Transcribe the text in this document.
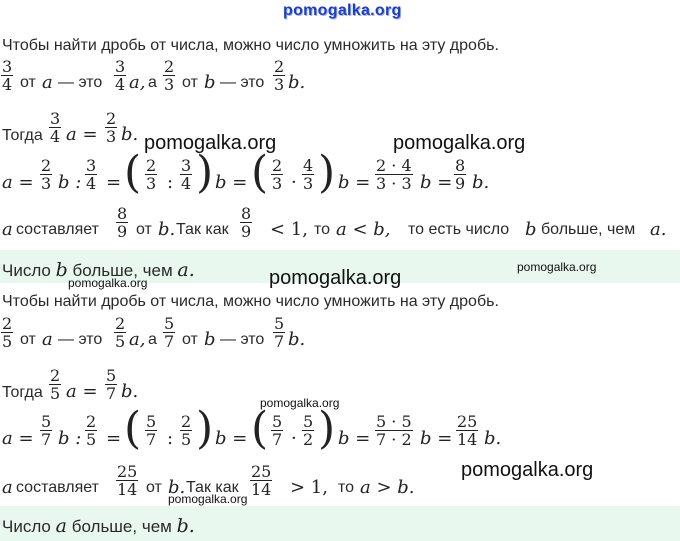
pomogalka.org
Чтобы найти дробь от числа, можно число умножить на эту дробь.
$\frac{3}{4}$ от a — это $\frac{3}{4} a$, а $\frac{2}{3}$ от b — это $\frac{2}{3} b$.
Тогда $\frac{3}{4}$ $a = \frac{2}{3} b$.
$a = \frac{2}{3}$ b : $\frac{3}{4}$ = ( $\frac{2}{3}$ : $\frac{3}{4}$ ) b = ( $\frac{2}{3} \cdot \frac{4}{3}$ ) $b = \frac{2 \cdot 4}{3 \cdot 3}$ $b = \frac{8}{9} b$.
a составляет $\frac{8}{9}$ от b. Так как $\frac{8}{9} < 1$, то a < b, то есть число b больше, чем a.
Число b больше, чем a.
Чтобы найти дробь от числа, можно число умножить на эту дробь.
$\frac{2}{5}$ от a — это $\frac{2}{5} a$, а $\frac{5}{7}$ от b — это $\frac{5}{7} b$.
Тогда $\frac{2}{5}$ $a = \frac{5}{7} b$.
$a = \frac{5}{7}$ b : $\frac{2}{5}$ = ( $\frac{5}{7}$ : $\frac{2}{5}$ ) b = ( $\frac{5}{7} \cdot \frac{5}{2}$ ) $b = \frac{5 \cdot 5}{7 \cdot 2}$ $b = \frac{25}{14} b$.
a составляет $\frac{25}{14}$ от b. Так как $\frac{25}{14} > 1$, то a > b.
Число a больше, чем b.
pomogalka.org	pomogalka.org
pomogalka.org	pomogalka.org
pomogalka.org
pomogalka.org
pomogalka.org
pomogalka.org
